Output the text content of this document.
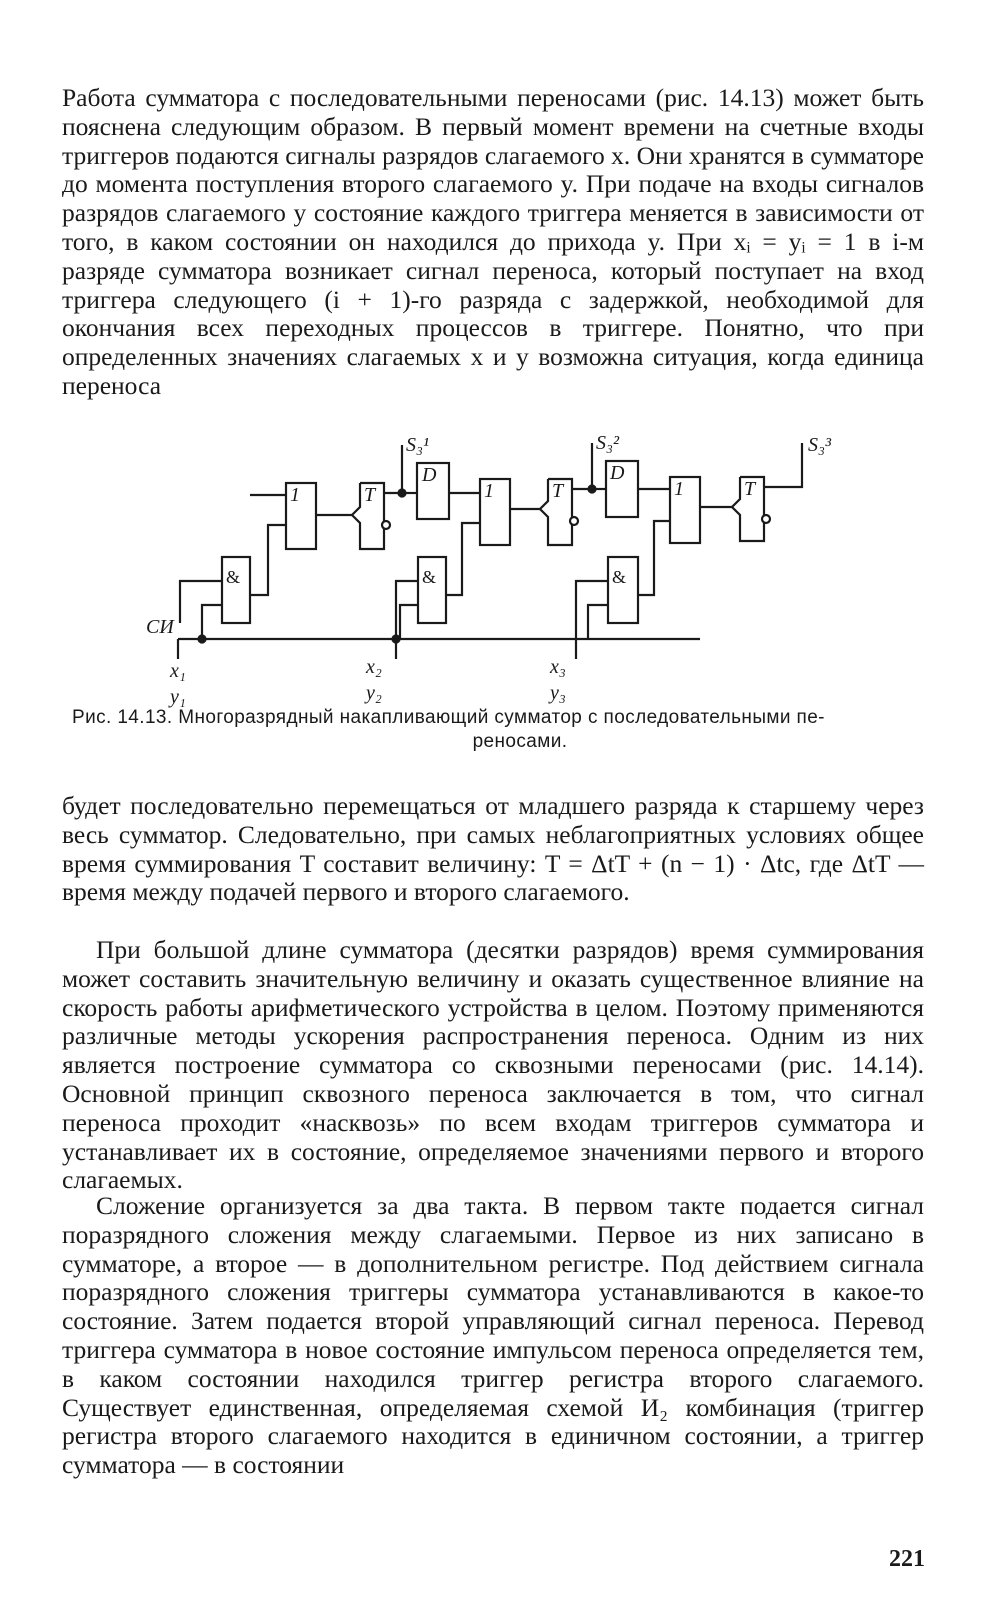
Работа сумматора с последовательными переносами (рис. 14.13) может быть пояснена следующим образом. В первый момент времени на счетные входы триггеров подаются сигналы разрядов слагаемого x. Они хранятся в сумматоре до момента поступления второго слагаемого y. При подаче на входы сигналов разрядов слагаемого y состояние каждого триггера меняется в зависимости от того, в каком состоянии он находился до прихода y. При xᵢ = yᵢ = 1 в i-м разряде сумматора возникает сигнал переноса, который поступает на вход триггера следующего (i + 1)-го разряда с задержкой, необходимой для окончания всех переходных процессов в триггере. Понятно, что при определенных значениях слагаемых x и y возможна ситуация, когда единица переноса

СИ
&	&	&
1	1	1
T	T	T
D	D
S₃¹	S₃²	S₃³
x₁
y₁
x₂
y₂
x₃
y₃
Рис. 14.13. Многоразрядный накапливающий сумматор с последовательными пе-
реносами.

будет последовательно перемещаться от младшего разряда к старшему через весь сумматор. Следовательно, при самых неблагоприятных условиях общее время суммирования T составит величину: T = ΔtT + (n − 1) · Δtс, где ΔtT — время между подачей первого и второго слагаемого.

При большой длине сумматора (десятки разрядов) время суммирования может составить значительную величину и оказать существенное влияние на скорость работы арифметического устройства в целом. Поэтому применяются различные методы ускорения распространения переноса. Одним из них является построение сумматора со сквозными переносами (рис. 14.14). Основной принцип сквозного переноса заключается в том, что сигнал переноса проходит «насквозь» по всем входам триггеров сумматора и устанавливает их в состояние, определяемое значениями первого и второго слагаемых.

Сложение организуется за два такта. В первом такте подается сигнал поразрядного сложения между слагаемыми. Первое из них записано в сумматоре, а второе — в дополнительном регистре. Под действием сигнала поразрядного сложения триггеры сумматора устанавливаются в какое-то состояние. Затем подается второй управляющий сигнал переноса. Перевод триггера сумматора в новое состояние импульсом переноса определяется тем, в каком состоянии находился триггер регистра второго слагаемого. Существует единственная, определяемая схемой И₂ комбинация (триггер регистра второго слагаемого находится в единичном состоянии, а триггер сумматора — в состоянии

221
